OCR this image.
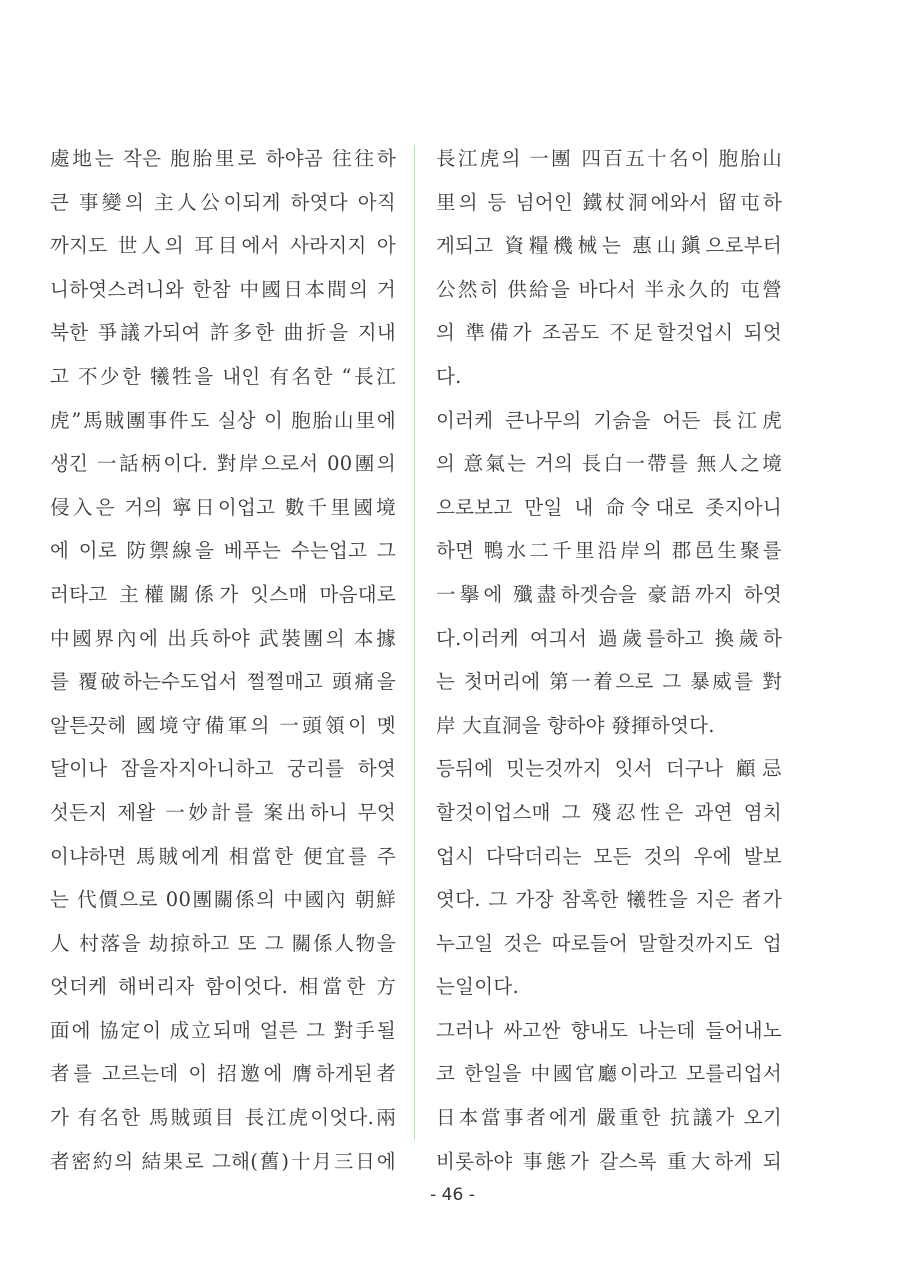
處地는 작은 胞胎里로 하야곰 往往하
큰 事變의 主人公이되게 하엿다 아직
까지도 世人의 耳目에서 사라지지 아
니하엿스려니와 한참 中國日本間의 거
북한 爭議가되여 許多한 曲折을 지내
고 不少한 犧牲을 내인 有名한 “長江
虎”馬賊團事件도 실상 이 胞胎山里에
생긴 一話柄이다. 對岸으로서 00團의
侵入은 거의 寧日이업고 數千里國境
에 이로 防禦線을 베푸는 수는업고 그
러타고 主權關係가 잇스매 마음대로
中國界內에 出兵하야 武裝團의 本據
를 覆破하는수도업서 쩔쩔매고 頭痛을
알튼끗헤 國境守備軍의 一頭領이 몟
달이나 잠을자지아니하고 궁리를 하엿
섯든지 제왈 一妙計를 案出하니 무엇
이냐하면 馬賊에게 相當한 便宜를 주
는 代價으로 00團關係의 中國內 朝鮮
人 村落을 劫掠하고 또 그 關係人物을
엇더케 해버리자 함이엇다. 相當한 方
面에 協定이 成立되매 얼른 그 對手될
者를 고르는데 이 招邀에 膺하게된者
가 有名한 馬賊頭目 長江虎이엇다.兩
者密約의 結果로 그해(舊)十月三日에
長江虎의 一團 四百五十名이 胞胎山
里의 등 넘어인 鐵杖洞에와서 留屯하
게되고 資糧機械는 惠山鎭으로부터
公然히 供給을 바다서 半永久的 屯營
의 準備가 조곰도 不足할것업시 되엇
다.
이러케 큰나무의 기슭을 어든 長江虎
의 意氣는 거의 長白一帶를 無人之境
으로보고 만일 내 命令대로 좃지아니
하면 鴨水二千里沿岸의 郡邑生聚를
一擧에 殲盡하겟슴을 豪語까지 하엿
다.이러케 여긔서 過歲를하고 換歲하
는 첫머리에 第一着으로 그 暴威를 對
岸 大直洞을 향하야 發揮하엿다.
등뒤에 밋는것까지 잇서 더구나 顧忌
할것이업스매 그 殘忍性은 과연 염치
업시 다닥더리는 모든 것의 우에 발보
엿다. 그 가장 참혹한 犧牲을 지은 者가
누고일 것은 따로들어 말할것까지도 업
는일이다.
그러나 싸고싼 향내도 나는데 들어내노
코 한일을 中國官廳이라고 모를리업서
日本當事者에게 嚴重한 抗議가 오기
비롯하야 事態가 갈스록 重大하게 되
- 46 -
